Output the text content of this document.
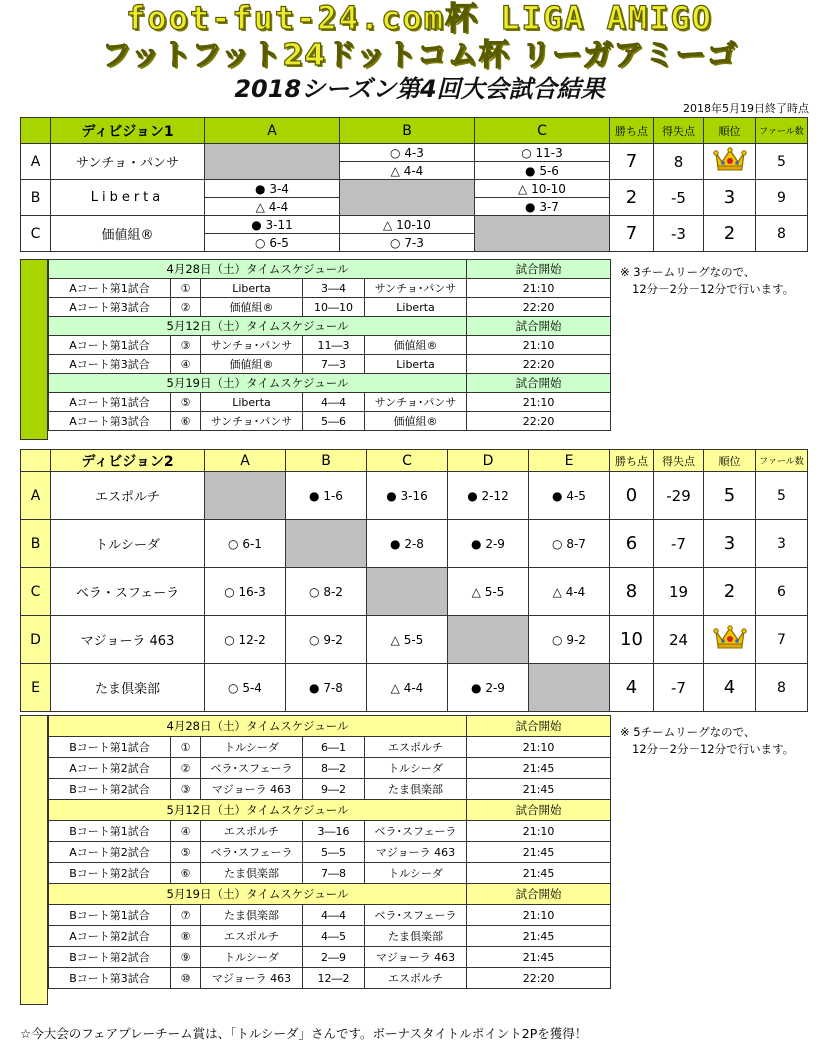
foot-fut-24.com杯 LIGA AMIGO
フットフット24ドットコム杯 リーガアミーゴ
2018シーズン第4回大会試合結果
2018年5月19日終了時点
	ディビジョン1	A	B	C	勝ち点	得失点	順位	ファール数
A	サンチョ・パンサ		○ 4-3	○ 11-3	7	8		5
			△ 4-4	● 5-6				
B	Liberta	● 3-4		△ 10-10	2	-5	3	9
		△ 4-4		● 3-7				
C	価値組®	● 3-11	△ 10-10		7	-3	2	8
		○ 6-5	○ 7-3					
4月28日（土）タイムスケジュール					試合開始
Aコート第1試合	①	Liberta	3―4	サンチョ･パンサ	21:10
Aコート第3試合	②	価値組®	10―10	Liberta	22:20
5月12日（土）タイムスケジュール					試合開始
Aコート第1試合	③	サンチョ･パンサ	11―3	価値組®	21:10
Aコート第3試合	④	価値組®	7―3	Liberta	22:20
5月19日（土）タイムスケジュール					試合開始
Aコート第1試合	⑤	Liberta	4―4	サンチョ･パンサ	21:10
Aコート第3試合	⑥	サンチョ･パンサ	5―6	価値組®	22:20
※ 3チームリーグなので、
12分－2分－12分で行います。
	ディビジョン2	A	B	C	D	E	勝ち点	得失点	順位	ファール数
A	エスポルチ		● 1-6	● 3-16	● 2-12	● 4-5	0	-29	5	5
B	トルシーダ	○ 6-1		● 2-8	● 2-9	○ 8-7	6	-7	3	3
C	ベラ・スフェーラ	○ 16-3	○ 8-2		△ 5-5	△ 4-4	8	19	2	6
D	マジョーラ 463	○ 12-2	○ 9-2	△ 5-5		○ 9-2	10	24		7
E	たま倶楽部	○ 5-4	● 7-8	△ 4-4	● 2-9		4	-7	4	8
4月28日（土）タイムスケジュール					試合開始
Bコート第1試合	①	トルシーダ	6―1	エスポルチ	21:10
Aコート第2試合	②	ベラ･スフェーラ	8―2	トルシーダ	21:45
Bコート第2試合	③	マジョーラ 463	9―2	たま倶楽部	21:45
5月12日（土）タイムスケジュール					試合開始
Bコート第1試合	④	エスポルチ	3―16	ベラ･スフェーラ	21:10
Aコート第2試合	⑤	ベラ･スフェーラ	5―5	マジョーラ 463	21:45
Bコート第2試合	⑥	たま倶楽部	7―8	トルシーダ	21:45
5月19日（土）タイムスケジュール					試合開始
Bコート第1試合	⑦	たま倶楽部	4―4	ベラ･スフェーラ	21:10
Aコート第2試合	⑧	エスポルチ	4―5	たま倶楽部	21:45
Bコート第2試合	⑨	トルシーダ	2―9	マジョーラ 463	21:45
Bコート第3試合	⑩	マジョーラ 463	12―2	エスポルチ	22:20
※ 5チームリーグなので、
12分－2分－12分で行います。
☆今大会のフェアプレーチーム賞は、「トルシーダ」さんです。ボーナスタイトルポイント2Pを獲得！
